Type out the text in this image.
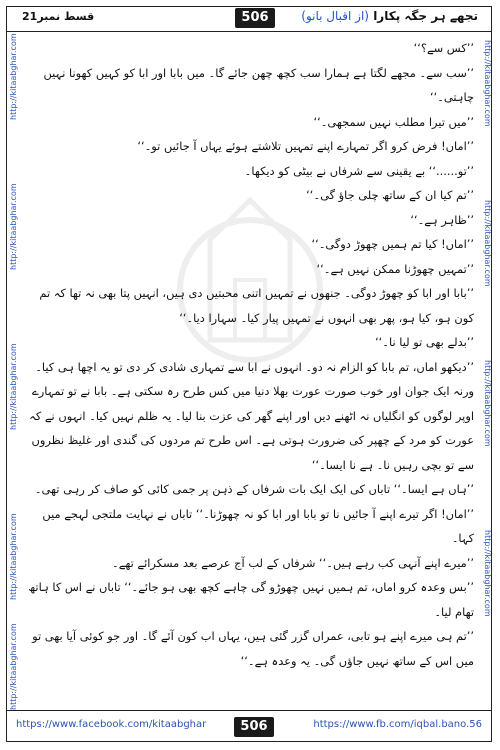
قسط نمبر21	506	تجھے ہر جگہ پکارا (از اقبال بانو)
http://kitaabghar.com
http://kitaabghar.com
http://kitaabghar.com
http://kitaabghar.com
http://kitaabghar.com
http://kitaabghar.com
http://kitaabghar.com
http://kitaabghar.com
http://kitaabghar.com

’’کس سے؟‘‘

’’سب سے۔ مجھے لگتا ہے ہمارا سب کچھ چھن جائے گا۔ میں بابا اور ابا کو کہیں کھونا نہیں چاہتی۔‘‘

’’میں تیرا مطلب نہیں سمجھی۔‘‘

’’اماں! فرض کرو اگر تمہارے اپنے تمہیں تلاشتے ہوئے یہاں آ جائیں تو۔‘‘

’’تو......‘‘ بے یقینی سے شرفاں نے بیٹی کو دیکھا۔

’’تم کیا ان کے ساتھ چلی جاؤ گی۔‘‘

’’ظاہر ہے۔‘‘

’’اماں! کیا تم ہمیں چھوڑ دوگی۔‘‘

’’تمہیں چھوڑنا ممکن نہیں ہے۔‘‘

’’بابا اور ابا کو چھوڑ دوگی۔ جنھوں نے تمہیں اتنی محبتیں دی ہیں، انہیں پتا بھی نہ تھا کہ تم کون ہو، کیا ہو، پھر بھی انہوں نے تمہیں پیار کیا۔ سہارا دیا۔‘‘

’’بدلے بھی تو لیا نا۔‘‘

’’دیکھو اماں، تم بابا کو الزام نہ دو۔ انہوں نے ابا سے تمہاری شادی کر دی تو یہ اچھا ہی کیا۔ ورنہ ایک جوان اور خوب صورت عورت بھلا دنیا میں کس طرح رہ سکتی ہے۔ بابا نے تو تمہارے اوپر لوگوں کو انگلیاں نہ اٹھنے دیں اور اپنے گھر کی عزت بنا لیا۔ یہ ظلم نہیں کیا۔ انہوں نے کہ عورت کو مرد کے چھپر کی ضرورت ہوتی ہے۔ اس طرح تم مردوں کی گندی اور غلیظ نظروں سے تو بچی رہیں نا۔ ہے نا ایسا۔‘‘

’’ہاں ہے ایسا۔‘‘ تاباں کی ایک ایک بات شرفاں کے ذہن پر جمی کائی کو صاف کر رہی تھی۔

’’اماں! اگر تیرے اپنے آ جائیں نا تو بابا اور ابا کو نہ چھوڑنا۔‘‘ تاباں نے نہایت ملتجی لہجے میں کہا۔

’’میرے اپنے آنہی کب رہے ہیں۔‘‘ شرفاں کے لب آج عرصے بعد مسکرائے تھے۔

’’بس وعدہ کرو اماں، تم ہمیں نہیں چھوڑو گی چاہے کچھ بھی ہو جائے۔‘‘ تاباں نے اس کا ہاتھ تھام لیا۔

’’تم ہی میرے اپنے ہو تابی، عمراں گزر گئی ہیں، یہاں اب کون آئے گا۔ اور جو کوئی آیا بھی تو میں اس کے ساتھ نہیں جاؤں گی۔ یہ وعدہ ہے۔‘‘

https://www.facebook.com/kitaabghar	506	https://www.fb.com/iqbal.bano.56
